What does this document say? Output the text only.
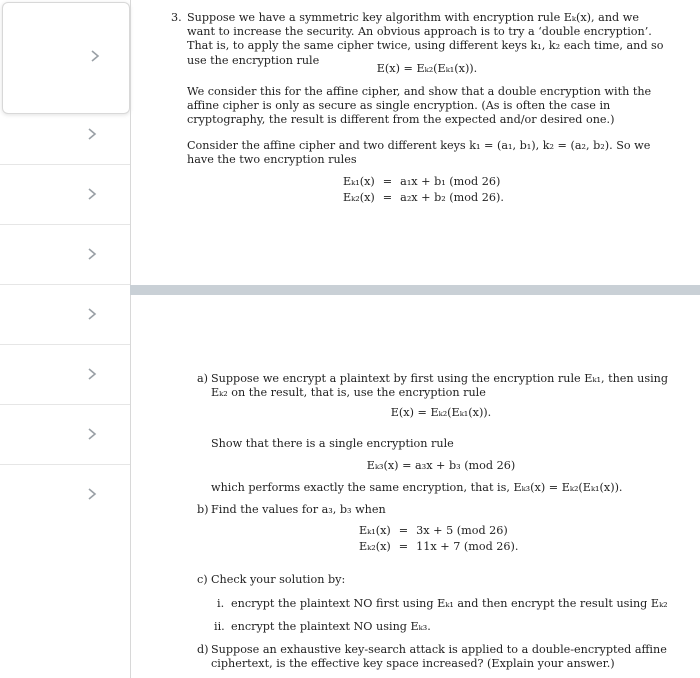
3. Suppose we have a symmetric key algorithm with encryption rule Eₖ(x), and we want to increase the security. An obvious approach is to try a ‘double encryption’. That is, to apply the same cipher twice, using different keys k₁, k₂ each time, and so use the encryption rule
E(x) = Eₖ₂(Eₖ₁(x)).
We consider this for the affine cipher, and show that a double encryption with the affine cipher is only as secure as single encryption. (As is often the case in cryptography, the result is different from the expected and/or desired one.)
Consider the affine cipher and two different keys k₁ = (a₁, b₁), k₂ = (a₂, b₂). So we have the two encryption rules
Eₖ₁(x)	=	a₁x + b₁ (mod 26)
Eₖ₂(x)	=	a₂x + b₂ (mod 26).
a) Suppose we encrypt a plaintext by first using the encryption rule Eₖ₁, then using Eₖ₂ on the result, that is, use the encryption rule
E(x) = Eₖ₂(Eₖ₁(x)).
Show that there is a single encryption rule
Eₖ₃(x) = a₃x + b₃ (mod 26)
which performs exactly the same encryption, that is, Eₖ₃(x) = Eₖ₂(Eₖ₁(x)).
b) Find the values for a₃, b₃ when
Eₖ₁(x)	=	3x + 5 (mod 26)
Eₖ₂(x)	=	11x + 7 (mod 26).
c) Check your solution by:
i. encrypt the plaintext NO first using Eₖ₁ and then encrypt the result using Eₖ₂
ii. encrypt the plaintext NO using Eₖ₃.
d) Suppose an exhaustive key-search attack is applied to a double-encrypted affine ciphertext, is the effective key space increased? (Explain your answer.)
